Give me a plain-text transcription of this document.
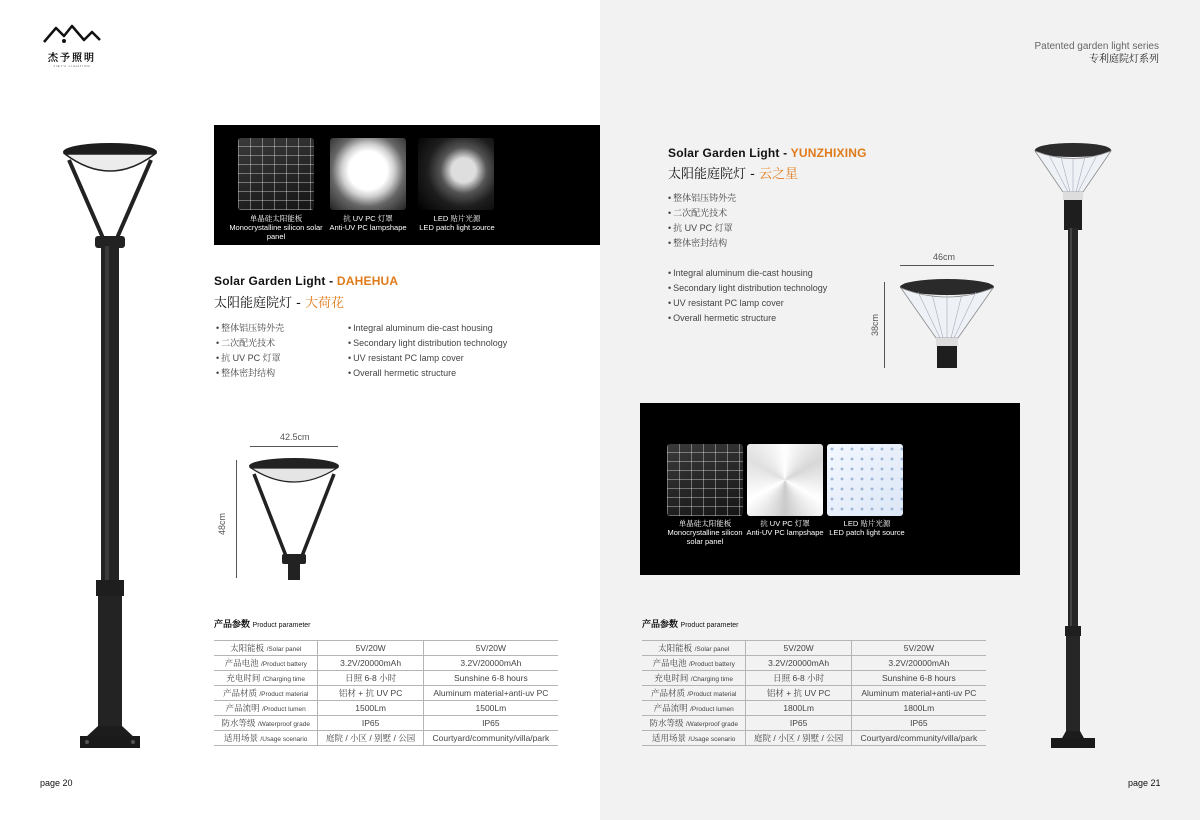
杰予照明
JIEYU LIGHTING
单晶硅太阳能板
Monocrystalline silicon solar panel
抗 UV PC 灯罩
Anti-UV PC lampshape
LED 贴片光源
LED patch light source
Solar Garden Light - DAHEHUA
太阳能庭院灯 - 大荷花
• 整体铝压铸外壳
• 二次配光技术
• 抗 UV PC 灯罩
• 整体密封结构
• Integral aluminum die-cast housing
• Secondary light distribution technology
• UV resistant PC lamp cover
• Overall hermetic structure
42.5cm
48cm
产品参数 Product parameter
太阳能板 /Solar panel	5V/20W	5V/20W
产品电池 /Product battery	3.2V/20000mAh	3.2V/20000mAh
充电时间 /Charging time	日照 6-8 小时	Sunshine 6-8 hours
产品材质 /Product material	铝材 + 抗 UV PC	Aluminum material+anti-uv PC
产品流明 /Product lumen	1500Lm	1500Lm
防水等级 /Waterproof grade	IP65	IP65
适用场景 /Usage scenario	庭院 / 小区 / 别墅 / 公园	Courtyard/community/villa/park
page 20
Patented garden light series
专利庭院灯系列
Solar Garden Light - YUNZHIXING
太阳能庭院灯 - 云之星
• 整体铝压铸外壳
• 二次配光技术
• 抗 UV PC 灯罩
• 整体密封结构
• Integral aluminum die-cast housing
• Secondary light distribution technology
• UV resistant PC lamp cover
• Overall hermetic structure
46cm
38cm
单晶硅太阳能板
Monocrystalline silicon solar panel
抗 UV PC 灯罩
Anti-UV PC lampshape
LED 贴片光源
LED patch light source
产品参数 Product parameter
太阳能板 /Solar panel	5V/20W	5V/20W
产品电池 /Product battery	3.2V/20000mAh	3.2V/20000mAh
充电时间 /Charging time	日照 6-8 小时	Sunshine 6-8 hours
产品材质 /Product material	铝材 + 抗 UV PC	Aluminum material+anti-uv PC
产品流明 /Product lumen	1800Lm	1800Lm
防水等级 /Waterproof grade	IP65	IP65
适用场景 /Usage scenario	庭院 / 小区 / 别墅 / 公园	Courtyard/community/villa/park
page 21
